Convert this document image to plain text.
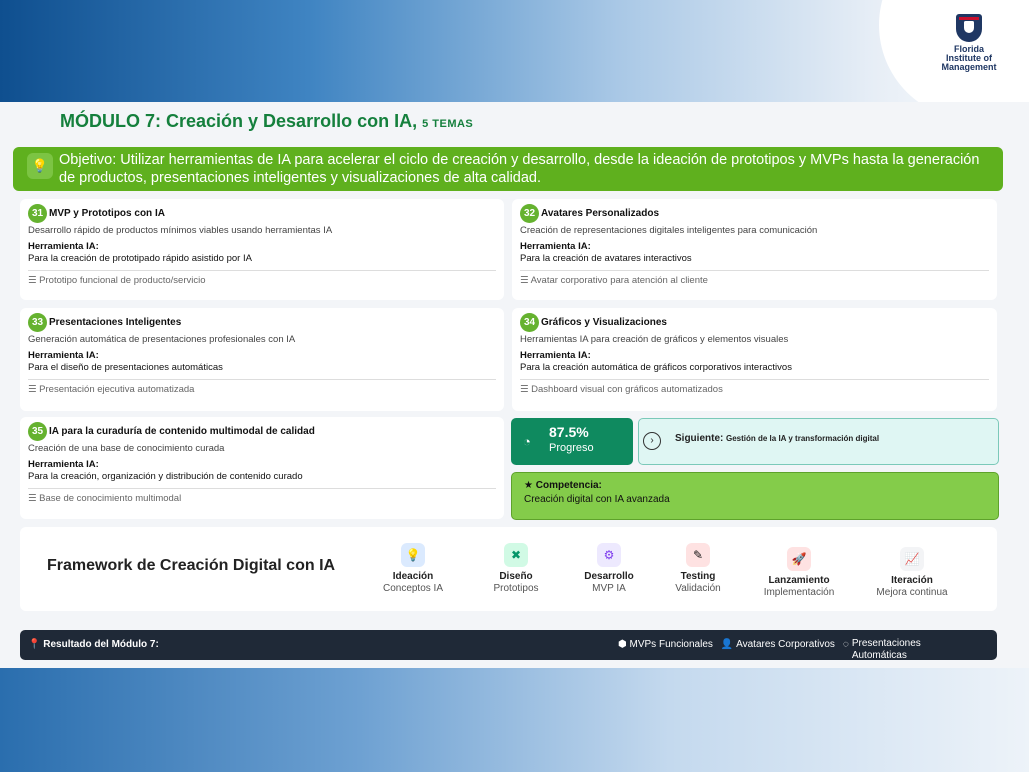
Florida
Institute of
Management
MÓDULO 7: Creación y Desarrollo con IA, 5 TEMAS
💡 Objetivo: Utilizar herramientas de IA para acelerar el ciclo de creación y desarrollo, desde la ideación de prototipos y MVPs hasta la generación de productos, presentaciones inteligentes y visualizaciones de alta calidad.
31 MVP y Prototipos con IA
Desarrollo rápido de productos mínimos viables usando herramientas IA
Herramienta IA:
Para la creación de prototipado rápido asistido por IA
☰ Prototipo funcional de producto/servicio
32 Avatares Personalizados
Creación de representaciones digitales inteligentes para comunicación
Herramienta IA:
Para la creación de avatares interactivos
☰ Avatar corporativo para atención al cliente
33 Presentaciones Inteligentes
Generación automática de presentaciones profesionales con IA
Herramienta IA:
Para el diseño de presentaciones automáticas
☰ Presentación ejecutiva automatizada
34 Gráficos y Visualizaciones
Herramientas IA para creación de gráficos y elementos visuales
Herramienta IA:
Para la creación automática de gráficos corporativos interactivos
☰ Dashboard visual con gráficos automatizados
35 IA para la curaduría de contenido multimodal de calidad
Creación de una base de conocimiento curada
Herramienta IA:
Para la creación, organización y distribución de contenido curado
☰ Base de conocimiento multimodal
◔
87.5%
Progreso
›	Siguiente: Gestión de la IA y transformación digital
★ Competencia:
Creación digital con IA avanzada
Framework de Creación Digital con IA
💡
Ideación
Conceptos IA
✖
Diseño
Prototipos
⚙
Desarrollo
MVP IA
✎
Testing
Validación
🚀
Lanzamiento
Implementación
📈
Iteración
Mejora continua
📍 Resultado del Módulo 7:	⬢ MVPs Funcionales 👤 Avatares Corporativos ◌ Presentaciones Automáticas
